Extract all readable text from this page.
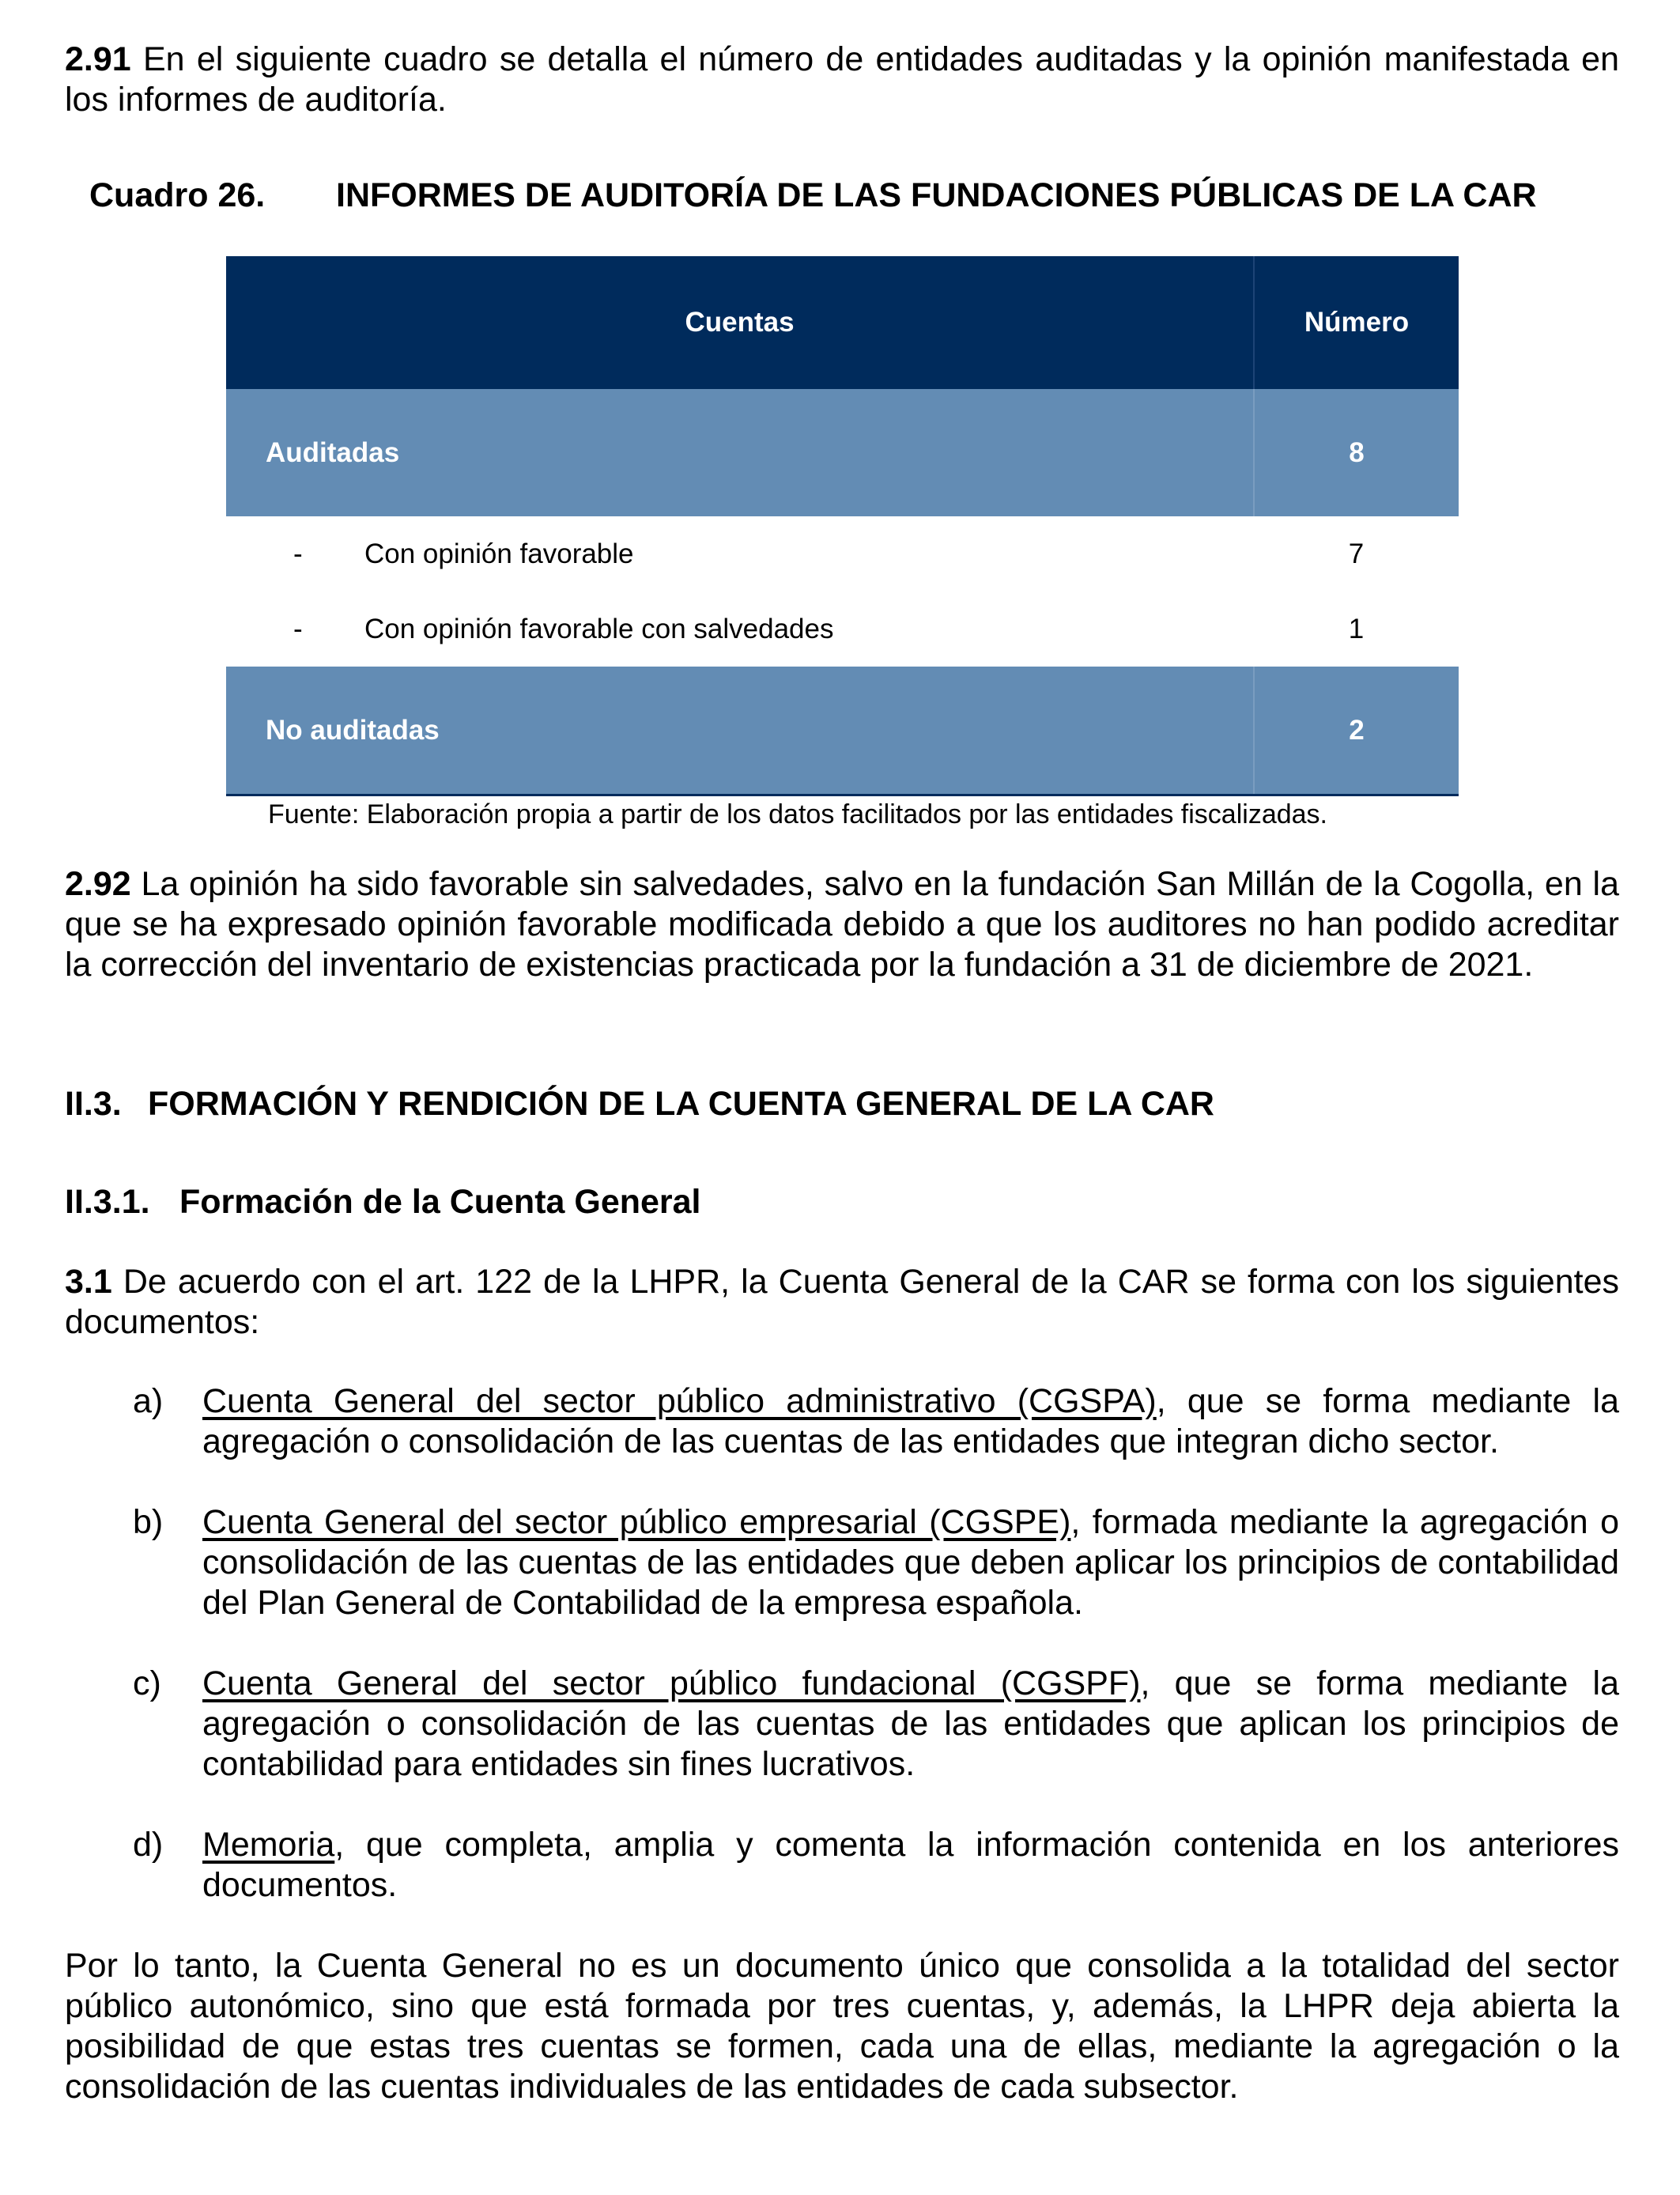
2.91 En el siguiente cuadro se detalla el número de entidades auditadas y la opinión manifestada en los informes de auditoría.

Cuadro 26. INFORMES DE AUDITORÍA DE LAS FUNDACIONES PÚBLICAS DE LA CAR
Cuentas	Número
Auditadas	8
- Con opinión favorable	7
- Con opinión favorable con salvedades	1
No auditadas	2
Fuente: Elaboración propia a partir de los datos facilitados por las entidades fiscalizadas.

2.92 La opinión ha sido favorable sin salvedades, salvo en la fundación San Millán de la Cogolla, en la que se ha expresado opinión favorable modificada debido a que los auditores no han podido acreditar la corrección del inventario de existencias practicada por la fundación a 31 de diciembre de 2021.

II.3. FORMACIÓN Y RENDICIÓN DE LA CUENTA GENERAL DE LA CAR
II.3.1. Formación de la Cuenta General

3.1 De acuerdo con el art. 122 de la LHPR, la Cuenta General de la CAR se forma con los siguientes documentos:

a) Cuenta General del sector público administrativo (CGSPA), que se forma mediante la agregación o consolidación de las cuentas de las entidades que integran dicho sector.
b) Cuenta General del sector público empresarial (CGSPE), formada mediante la agregación o consolidación de las cuentas de las entidades que deben aplicar los principios de contabilidad del Plan General de Contabilidad de la empresa española.
c) Cuenta General del sector público fundacional (CGSPF), que se forma mediante la agregación o consolidación de las cuentas de las entidades que aplican los principios de contabilidad para entidades sin fines lucrativos.
d) Memoria, que completa, amplia y comenta la información contenida en los anteriores documentos.

Por lo tanto, la Cuenta General no es un documento único que consolida a la totalidad del sector público autonómico, sino que está formada por tres cuentas, y, además, la LHPR deja abierta la posibilidad de que estas tres cuentas se formen, cada una de ellas, mediante la agregación o la consolidación de las cuentas individuales de las entidades de cada subsector.
